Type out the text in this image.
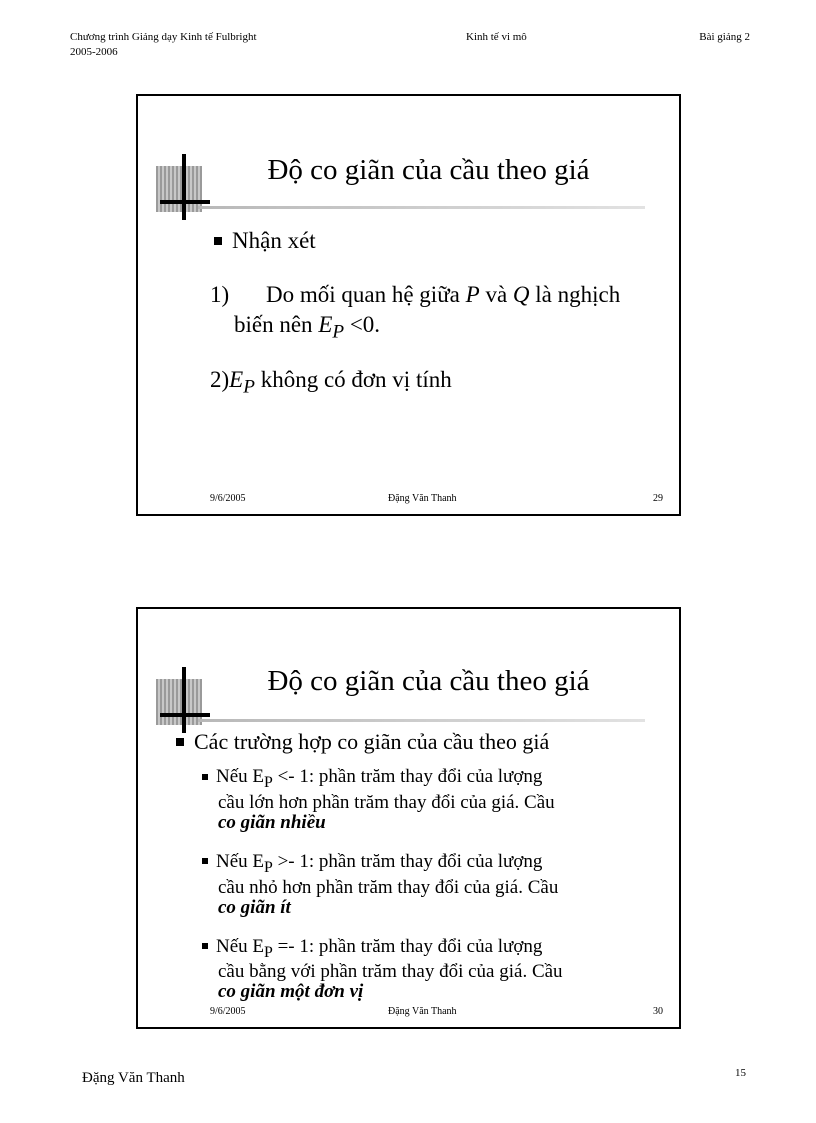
Chương trình Giảng dạy Kinh tế Fulbright
2005-2006
Kinh tế vi mô	Bài giảng 2
Độ co giãn của cầu theo giá
Nhận xét
1) Do mối quan hệ giữa P và Q là nghịch
biến nên $E_P <0$.
$2)E_P$ không có đơn vị tính
9/6/2005	Đặng Văn Thanh	29
Độ co giãn của cầu theo giá
Các trường hợp co giãn của cầu theo giá
Nếu $E_P <- 1$: phần trăm thay đổi của lượng
cầu lớn hơn phần trăm thay đổi của giá. Cầu
co giãn nhiều
Nếu $E_P >- 1$: phần trăm thay đổi của lượng
cầu nhỏ hơn phần trăm thay đổi của giá. Cầu
co giãn ít
Nếu $E_P =- 1$: phần trăm thay đổi của lượng
cầu bằng với phần trăm thay đổi của giá. Cầu
co giãn một đơn vị
9/6/2005	Đặng Văn Thanh	30
Đặng Văn Thanh	15
